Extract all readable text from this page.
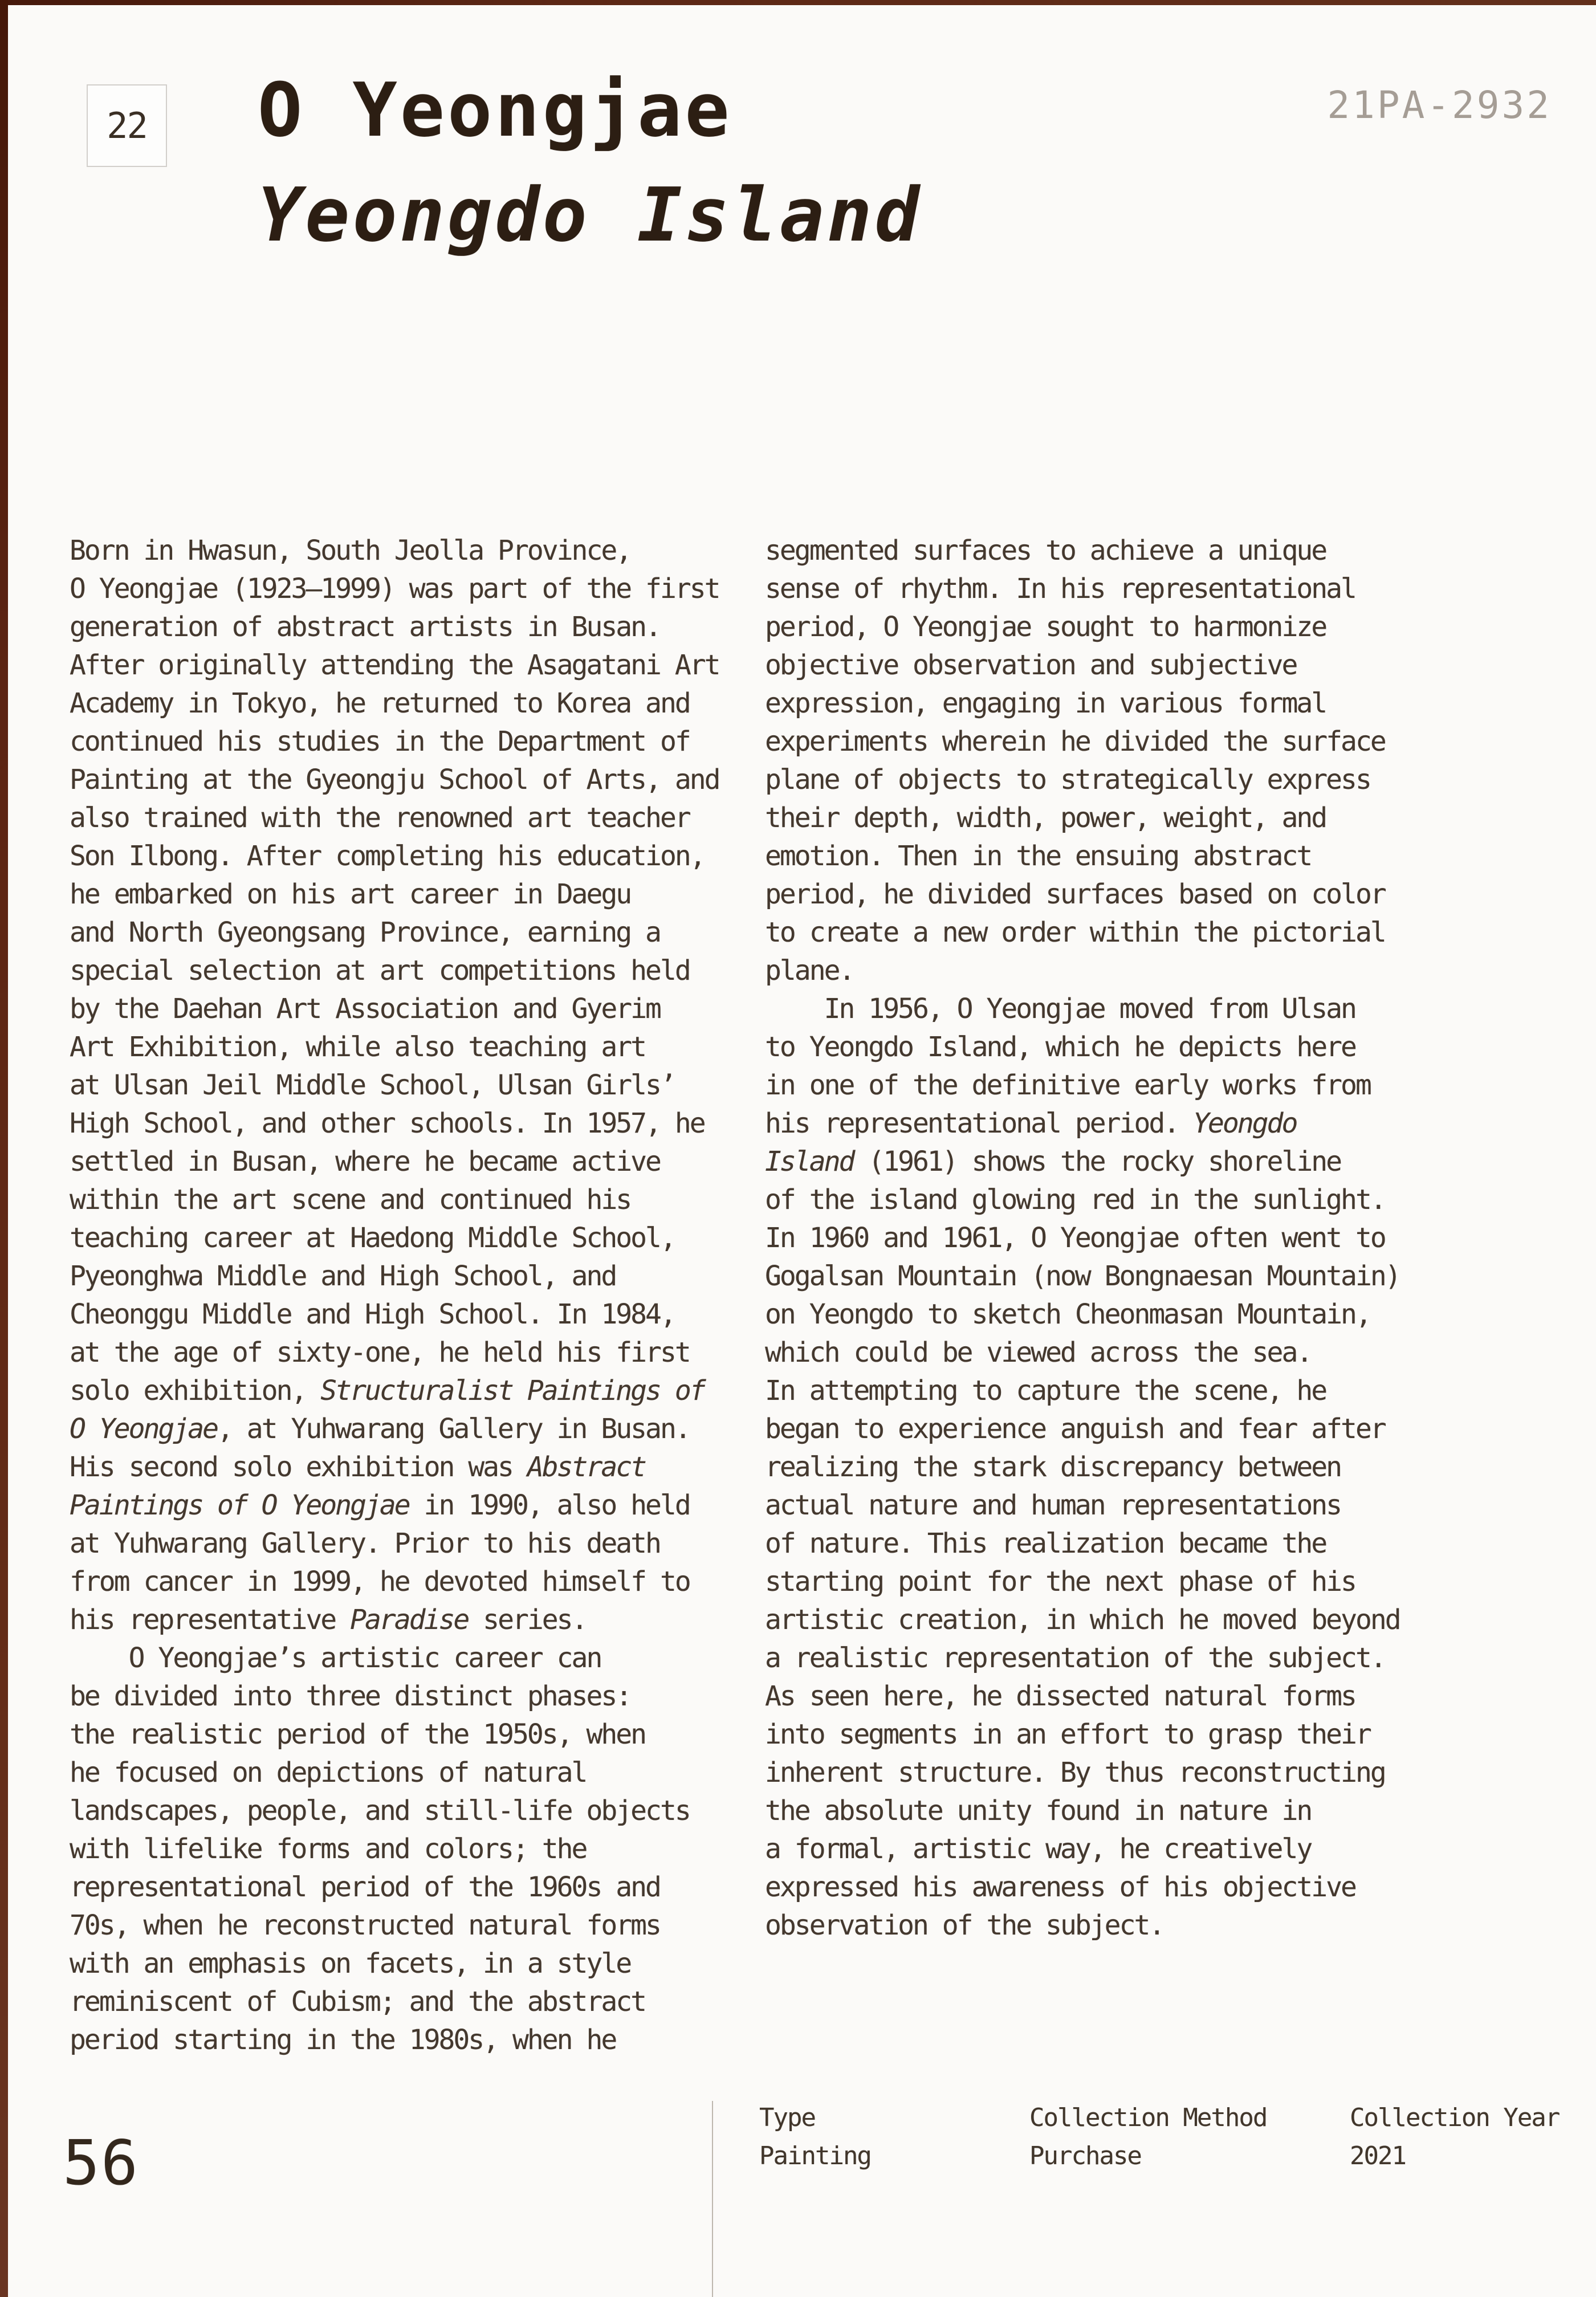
22 O Yeongjae
Yeongdo Island
21PA-2932
Born in Hwasun, South Jeolla Province,
O Yeongjae (1923–1999) was part of the first
generation of abstract artists in Busan.
After originally attending the Asagatani Art
Academy in Tokyo, he returned to Korea and
continued his studies in the Department of
Painting at the Gyeongju School of Arts, and
also trained with the renowned art teacher
Son Ilbong. After completing his education,
he embarked on his art career in Daegu
and North Gyeongsang Province, earning a
special selection at art competitions held
by the Daehan Art Association and Gyerim
Art Exhibition, while also teaching art
at Ulsan Jeil Middle School, Ulsan Girls’
High School, and other schools. In 1957, he
settled in Busan, where he became active
within the art scene and continued his
teaching career at Haedong Middle School,
Pyeonghwa Middle and High School, and
Cheonggu Middle and High School. In 1984,
at the age of sixty-one, he held his first
solo exhibition, Structuralist Paintings of
O Yeongjae, at Yuhwarang Gallery in Busan.
His second solo exhibition was Abstract
Paintings of O Yeongjae in 1990, also held
at Yuhwarang Gallery. Prior to his death
from cancer in 1999, he devoted himself to
his representative Paradise series.
O Yeongjae’s artistic career can
be divided into three distinct phases:
the realistic period of the 1950s, when
he focused on depictions of natural
landscapes, people, and still-life objects
with lifelike forms and colors; the
representational period of the 1960s and
70s, when he reconstructed natural forms
with an emphasis on facets, in a style
reminiscent of Cubism; and the abstract
period starting in the 1980s, when he
segmented surfaces to achieve a unique
sense of rhythm. In his representational
period, O Yeongjae sought to harmonize
objective observation and subjective
expression, engaging in various formal
experiments wherein he divided the surface
plane of objects to strategically express
their depth, width, power, weight, and
emotion. Then in the ensuing abstract
period, he divided surfaces based on color
to create a new order within the pictorial
plane.
In 1956, O Yeongjae moved from Ulsan
to Yeongdo Island, which he depicts here
in one of the definitive early works from
his representational period. Yeongdo
Island (1961) shows the rocky shoreline
of the island glowing red in the sunlight.
In 1960 and 1961, O Yeongjae often went to
Gogalsan Mountain (now Bongnaesan Mountain)
on Yeongdo to sketch Cheonmasan Mountain,
which could be viewed across the sea.
In attempting to capture the scene, he
began to experience anguish and fear after
realizing the stark discrepancy between
actual nature and human representations
of nature. This realization became the
starting point for the next phase of his
artistic creation, in which he moved beyond
a realistic representation of the subject.
As seen here, he dissected natural forms
into segments in an effort to grasp their
inherent structure. By thus reconstructing
the absolute unity found in nature in
a formal, artistic way, he creatively
expressed his awareness of his objective
observation of the subject.
56
Type
Painting
Collection Method
Purchase
Collection Year
2021
